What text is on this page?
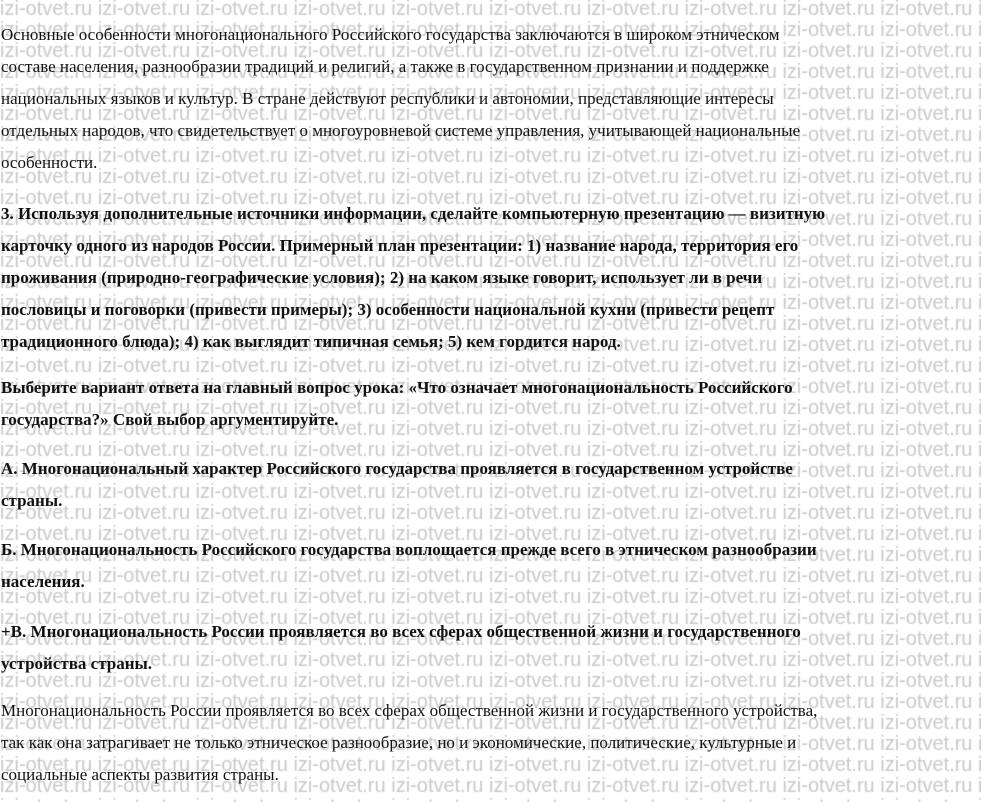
Основные особенности многонационального Российского государства заключаются в широком этническом
составе населения, разнообразии традиций и религий, а также в государственном признании и поддержке
национальных языков и культур. В стране действуют республики и автономии, представляющие интересы
отдельных народов, что свидетельствует о многоуровневой системе управления, учитывающей национальные
особенности.
3. Используя дополнительные источники информации, сделайте компьютерную презентацию — визитную
карточку одного из народов России. Примерный план презентации: 1) название народа, территория его
проживания (природно-географические условия); 2) на каком языке говорит, использует ли в речи
пословицы и поговорки (привести примеры); 3) особенности национальной кухни (привести рецепт
традиционного блюда); 4) как выглядит типичная семья; 5) кем гордится народ.
Выберите вариант ответа на главный вопрос урока: «Что означает многонациональность Российского
государства?» Свой выбор аргументируйте.
А. Многонациональный характер Российского государства проявляется в государственном устройстве
страны.
Б. Многонациональность Российского государства воплощается прежде всего в этническом разнообразии
населения.
+В. Многонациональность России проявляется во всех сферах общественной жизни и государственного
устройства страны.
Многонациональность России проявляется во всех сферах общественной жизни и государственного устройства,
так как она затрагивает не только этническое разнообразие, но и экономические, политические, культурные и
социальные аспекты развития страны.
